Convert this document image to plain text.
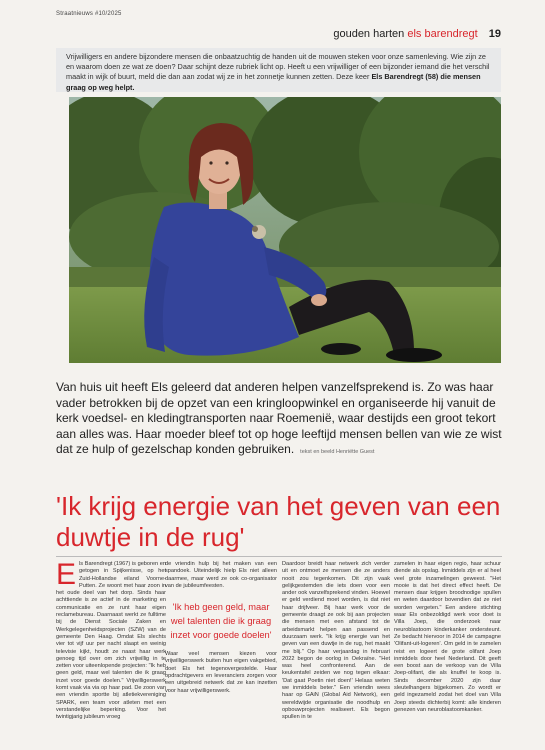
Straatnieuws #10/2025
gouden harten els barendregt 19
Vrijwilligers en andere bijzondere mensen die onbaatzuchtig de handen uit de mouwen steken voor onze samenleving. Wie zijn ze en waarom doen ze wat ze doen? Daar schijnt deze rubriek licht op. Heeft u een vrijwilliger of een bijzonder iemand die het verschil maakt in wijk of buurt, meld die dan aan zodat wij ze in het zonnetje kunnen zetten. Deze keer Els Barendregt (58) die mensen graag op weg helpt.
Van huis uit heeft Els geleerd dat anderen helpen vanzelfsprekend is. Zo was haar vader betrokken bij de opzet van een kringloopwinkel en organiseerde hij vanuit de kerk voedsel- en kledingtransporten naar Roemenië, waar destijds een groot tekort aan alles was. Haar moeder bleef tot op hoge leeftijd mensen bellen van wie ze wist dat ze hulp of gezelschap konden gebruiken. tekst en beeld Henriëtte Guest
'Ik krijg energie van het geven van een duwtje in de rug'
Els Barendregt (1967) is geboren en getogen in Spijkenisse, op het Zuid-Hollandse eiland Voorne-Putten. Ze woont met haar zoon in het oude deel van het dorp. Sinds haar achttiende is ze actief in de marketing en communicatie en ze runt haar eigen reclamebureau. Daarnaast werkt ze fulltime bij de Dienst Sociale Zaken en Werkgelegenheidsprojecten (SZW) van de gemeente Den Haag. Omdat Els slechts vier tot vijf uur per nacht slaapt en weinig televisie kijkt, houdt ze naast haar werk genoeg tijd over om zich vrijwillig in te zetten voor uiteenlopende projecten: "Ik heb geen geld, maar wel talenten die ik graag inzet voor goede doelen." Vrijwilligerswerk komt vaak via via op haar pad. De zoon van een vriendin sportte bij atletiekvereniging SPARK, een team voor atleten met een verstandelijke beperking. Voor het twintigjarig jubileum vroeg
de vriendin hulp bij het maken van een spandoek. Uiteindelijk hielp Els niet alleen daarmee, maar werd ze ook co-organisator van de jubileumfeesten.
'Ik heb geen geld, maar wel talenten die ik graag inzet voor goede doelen'
Waar veel mensen kiezen voor vrijwilligerswerk buiten hun eigen vakgebied, doet Els het tegenovergestelde. Haar opdrachtgevers en leveranciers zorgen voor een uitgebreid netwerk dat ze kan inzetten voor haar vrijwilligerswerk.
Daardoor breidt haar netwerk zich verder uit en ontmoet ze mensen die ze anders nooit zou tegenkomen. Dit zijn vaak gelijkgestemden die iets doen voor een ander ook vanzelfsprekend vinden. Hoewel er geld verdiend moet worden, is dat niet haar drijfveer. Bij haar werk voor de gemeente draagt ze ook bij aan projecten die mensen met een afstand tot de arbeidsmarkt helpen aan passend en duurzaam werk. "Ik krijg energie van het geven van een duwtje in de rug, het maakt me blij." Op haar verjaardag in februari 2022 begon de oorlog in Oekraïne. "Het was heel confronterend. Aan de keukentafel zeiden we nog tegen elkaar: 'Dat gaat Poetin niet doen!' Helaas weten we inmiddels beter." Een vriendin wees haar op GAiN (Global Aid Network), een wereldwijde organisatie die noodhulp en opbouwprojecten realiseert. Els begon spullen in te
zamelen in haar eigen regio, haar schuur diende als opslag. Inmiddels zijn er al heel veel grote inzamelingen geweest. "Het mooie is dat het direct effect heeft. De mensen daar krijgen broodnodige spullen en weten daardoor bovendien dat ze niet worden vergeten." Een andere stichting waar Els onbezoldigd werk voor doet is Villa Joep, die onderzoek naar neuroblastoom kinderkanker ondersteunt. Ze bedacht hiervoor in 2014 de campagne 'Olifant-uit-logeren'. Om geld in te zamelen reist en logeert de grote olifant Joep inmiddels door heel Nederland. Dit geeft een boost aan de verkoop van de Villa Joep-olifant, die als knuffel te koop is. Sinds december 2020 zijn daar sleutelhangers bijgekomen. Zo wordt er geld ingezameld zodat het doel van Villa Joep steeds dichterbij komt: alle kinderen genezen van neuroblastoomkanker.
